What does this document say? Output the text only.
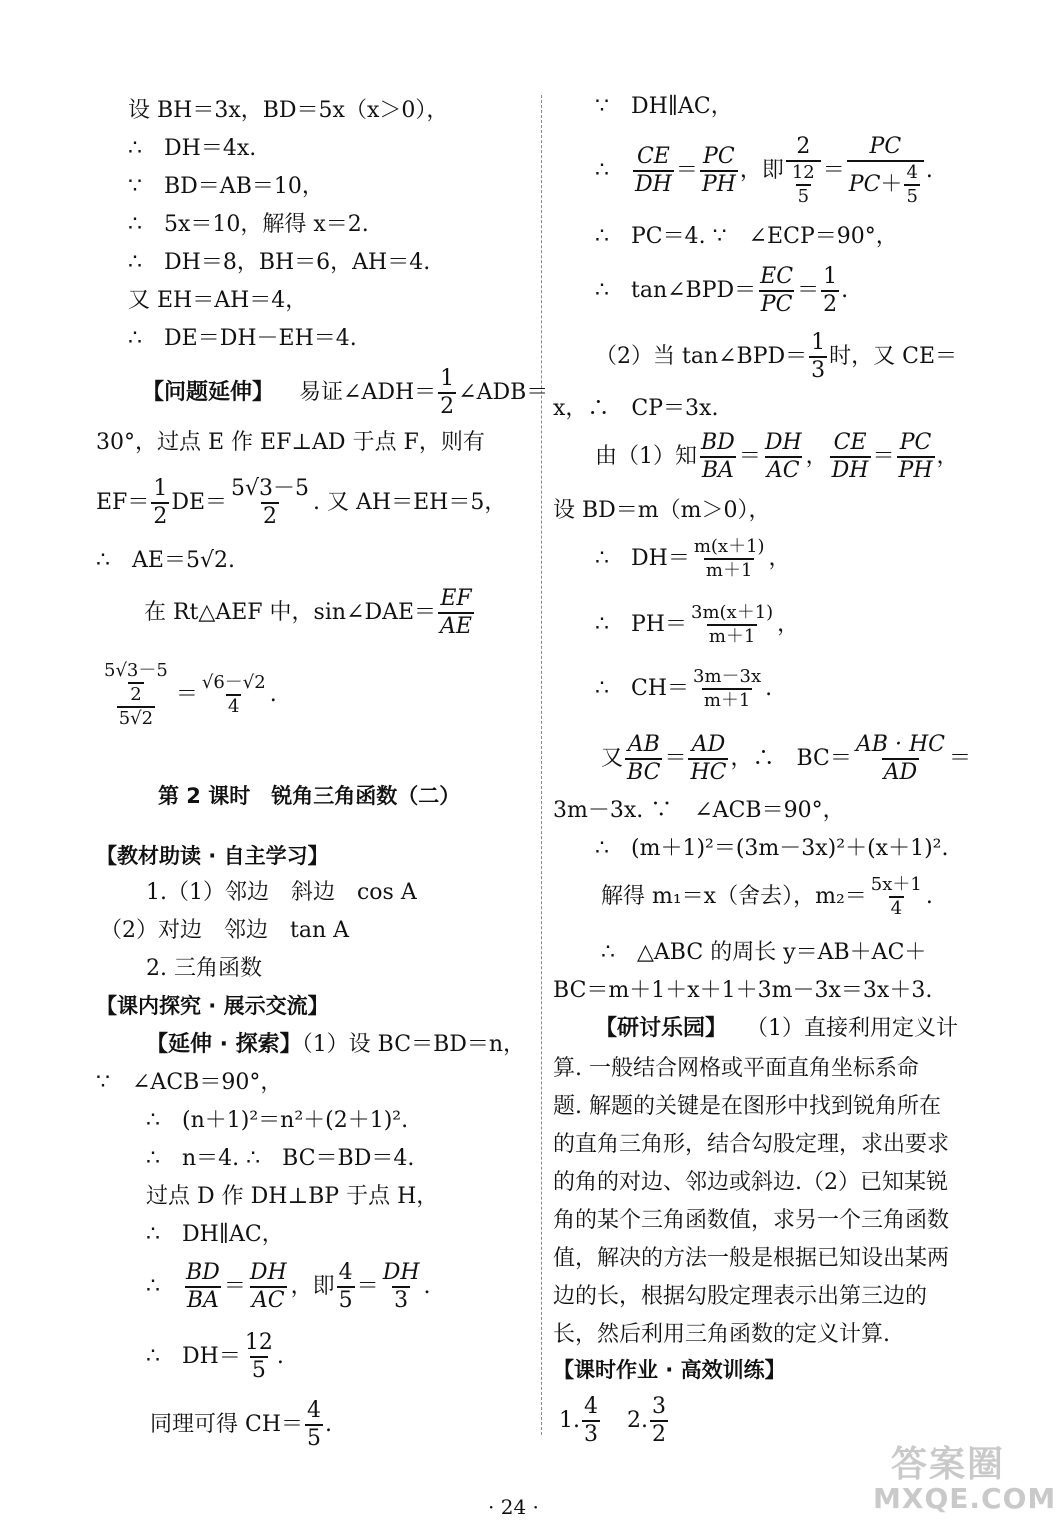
设 BH＝3x，BD＝5x（x＞0），
∴　DH＝4x.
∵　BD＝AB＝10，
∴　5x＝10，解得 x＝2.
∴　DH＝8，BH＝6，AH＝4.
又 EH＝AH＝4，
∴　DE＝DH－EH＝4.
【问题延伸】 易证∠ADH＝ $\frac{1}{2}$ ∠ADB＝
30°，过点 E 作 EF⊥AD 于点 F，则有
$EF= \frac{1}{2} DE= \frac{5√3-5}{2}$ . 又 AH＝EH＝5，
∴　AE＝5√2.
在 Rt△AEF 中，sin∠DAE＝ $\frac{EF}{AE}$
$\frac{\frac{5√3-5}{2}}{5√2} = \frac{√6-√2}{4}$ .
第 2 课时　锐角三角函数（二）
【教材助读 · 自主学习】
1.（1）邻边　斜边　cos A
（2）对边　邻边　tan A
2. 三角函数
【课内探究 · 展示交流】
【延伸 · 探索】（1）设 BC＝BD＝n，
∵　∠ACB＝90°，
∴　(n＋1)²＝n²＋(2＋1)².
∴　n＝4. ∴　BC＝BD＝4.
过点 D 作 DH⊥BP 于点 H，
∴　DH∥AC，
∴　 $\frac{BD}{BA} = \frac{DH}{AC}$ ，即 $\frac{4}{5} = \frac{DH}{3}$ .
∴　$DH= \frac{12}{5}$ .
同理可得 $CH= \frac{4}{5}$ .
∵　DH∥AC，
∴　 $\frac{CE}{DH} = \frac{PC}{PH}$ ，即 $\frac{2}{\frac{12}{5}} = \frac{PC}{PC+ \frac{4}{5}}$ .
∴　PC＝4. ∵　∠ECP＝90°，
∴　tan∠BPD＝ $\frac{EC}{PC} = \frac{1}{2}$ .
（2）当 tan∠BPD＝ $\frac{1}{3}$ 时，又 CE＝
x，∴　CP＝3x.
由（1）知 $\frac{BD}{BA} = \frac{DH}{AC}$ ， $\frac{CE}{DH} = \frac{PC}{PH}$ ，
设 BD＝m（m＞0），
∴　$DH= \frac{m(x+1)}{m+1}$ ，
∴　$PH= \frac{3m(x+1)}{m+1}$ ，
∴　$CH= \frac{3m-3x}{m+1}$ .
又 $\frac{AB}{BC} = \frac{AD}{HC}$ ，∴　$BC= \frac{AB \cdot HC}{AD}$ ＝
3m－3x. ∵　∠ACB＝90°，
∴　(m＋1)²＝(3m－3x)²＋(x＋1)².
解得 m₁＝x（舍去），$m_2= \frac{5x+1}{4}$ .
∴　△ABC 的周长 y＝AB＋AC＋
BC＝m＋1＋x＋1＋3m－3x＝3x＋3.
【研讨乐园】 （1）直接利用定义计
算. 一般结合网格或平面直角坐标系命
题. 解题的关键是在图形中找到锐角所在
的直角三角形，结合勾股定理，求出要求
的角的对边、邻边或斜边.（2）已知某锐
角的某个三角函数值，求另一个三角函数
值，解决的方法一般是根据已知设出某两
边的长，根据勾股定理表示出第三边的
长，然后利用三角函数的定义计算.
【课时作业 · 高效训练】
1. $\frac{4}{3} 2$. $\frac{3}{2}$
· 24 ·
答案圈
MXQE.COM
